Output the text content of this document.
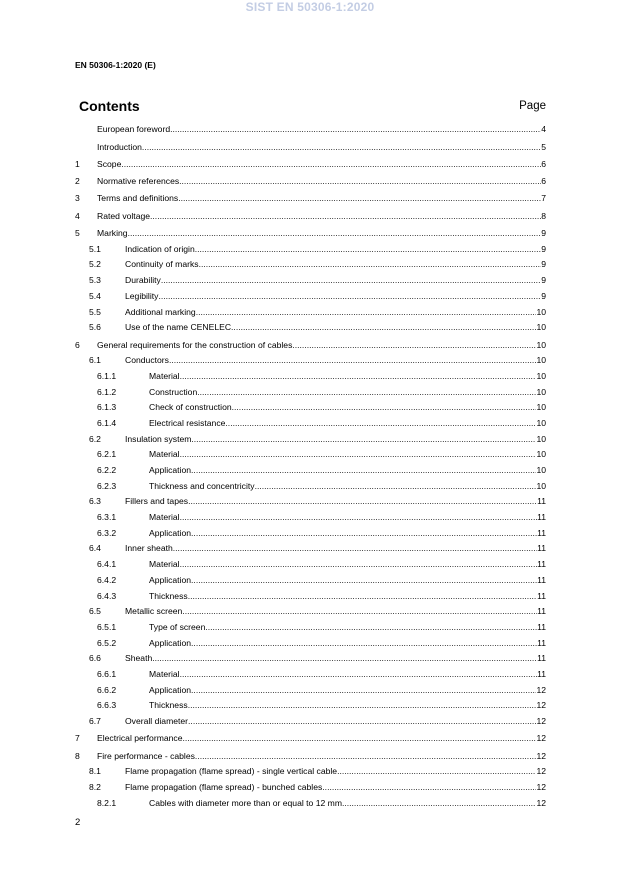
SIST EN 50306-1:2020
EN 50306-1:2020 (E)
Contents	Page
European foreword .....	4
Introduction .....	5
1	Scope .....	6
2	Normative references .....	6
3	Terms and definitions .....	7
4	Rated voltage .....	8
5	Marking .....	9
5.1	Indication of origin .....	9
5.2	Continuity of marks .....	9
5.3	Durability .....	9
5.4	Legibility .....	9
5.5	Additional marking .....	10
5.6	Use of the name CENELEC .....	10
6	General requirements for the construction of cables .....	10
6.1	Conductors .....	10
6.1.1	Material .....	10
6.1.2	Construction .....	10
6.1.3	Check of construction .....	10
6.1.4	Electrical resistance .....	10
6.2	Insulation system .....	10
6.2.1	Material .....	10
6.2.2	Application .....	10
6.2.3	Thickness and concentricity .....	10
6.3	Fillers and tapes .....	11
6.3.1	Material .....	11
6.3.2	Application .....	11
6.4	Inner sheath .....	11
6.4.1	Material .....	11
6.4.2	Application .....	11
6.4.3	Thickness .....	11
6.5	Metallic screen .....	11
6.5.1	Type of screen .....	11
6.5.2	Application .....	11
6.6	Sheath .....	11
6.6.1	Material .....	11
6.6.2	Application .....	12
6.6.3	Thickness .....	12
6.7	Overall diameter .....	12
7	Electrical performance .....	12
8	Fire performance - cables .....	12
8.1	Flame propagation (flame spread) - single vertical cable .....	12
8.2	Flame propagation (flame spread) - bunched cables .....	12
8.2.1	Cables with diameter more than or equal to 12 mm .....	12
2
